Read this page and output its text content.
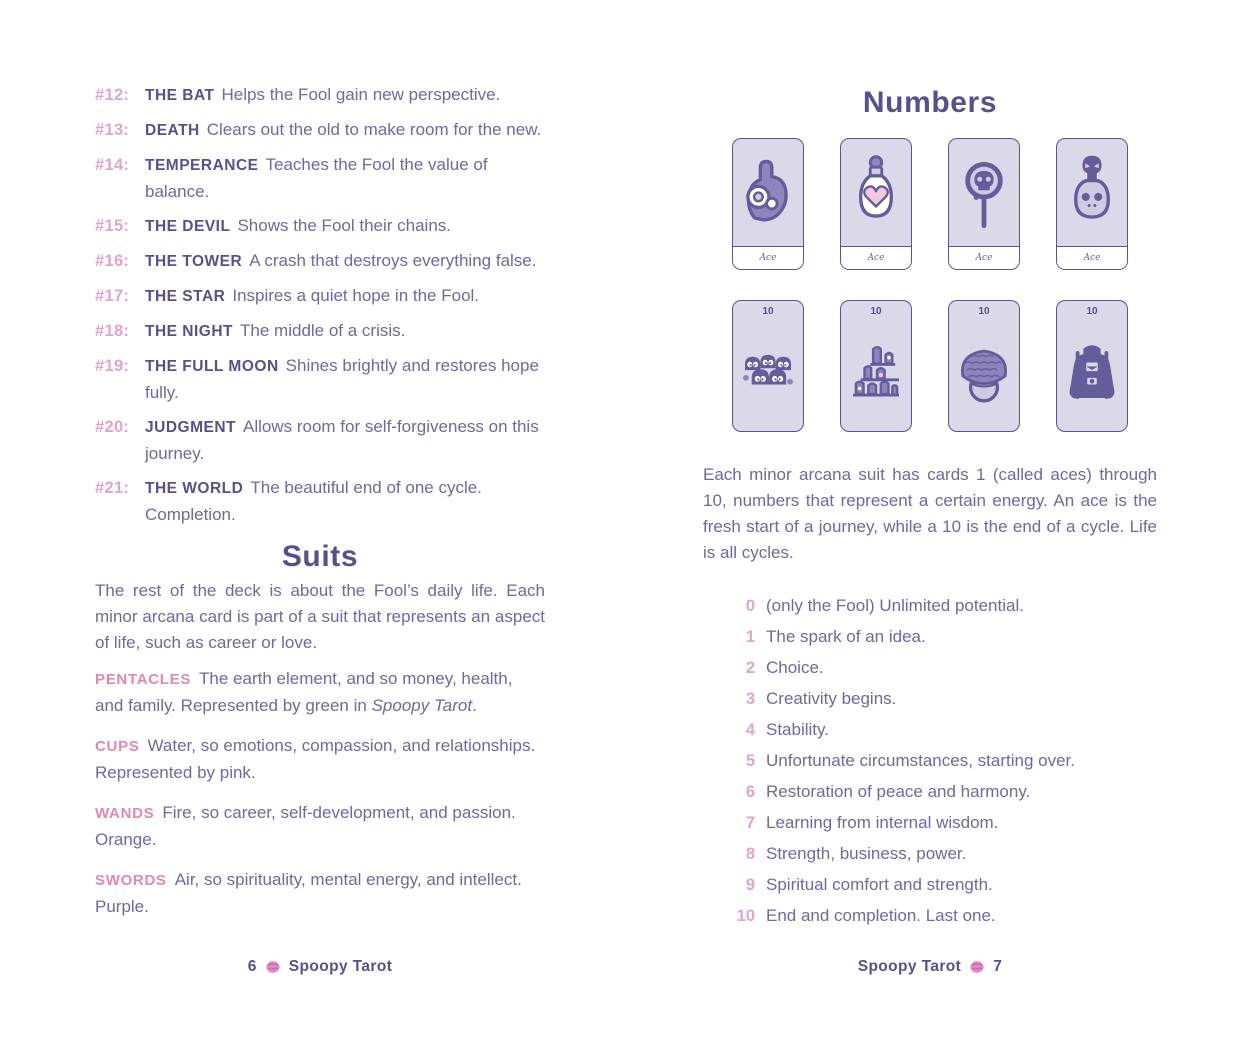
#12:	THE BAT Helps the Fool gain new perspective.
#13:	DEATH Clears out the old to make room for the new.
#14:	TEMPERANCE Teaches the Fool the value of balance.
#15:	THE DEVIL Shows the Fool their chains.
#16:	THE TOWER A crash that destroys everything false.
#17:	THE STAR Inspires a quiet hope in the Fool.
#18:	THE NIGHT The middle of a crisis.
#19:	THE FULL MOON Shines brightly and restores hope fully.
#20:	JUDGMENT Allows room for self-forgiveness on this journey.
#21:	THE WORLD The beautiful end of one cycle. Completion.
Suits

The rest of the deck is about the Fool’s daily life. Each minor arcana card is part of a suit that represents an aspect of life, such as career or love.

PENTACLES The earth element, and so money, health, and family. Represented by green in Spoopy Tarot.

CUPS Water, so emotions, compassion, and relationships. Represented by pink.

WANDS Fire, so career, self-development, and passion. Orange.

SWORDS Air, so spirituality, mental energy, and intellect. Purple.

Numbers
Ace	Ace	Ace	Ace
10	10	10	10

Each minor arcana suit has cards 1 (called aces) through 10, numbers that represent a certain energy. An ace is the fresh start of a journey, while a 10 is the end of a cycle. Life is all cycles.

0 (only the Fool) Unlimited potential.
1 The spark of an idea.
2 Choice.
3 Creativity begins.
4 Stability.
5 Unfortunate circumstances, starting over.
6 Restoration of peace and harmony.
7 Learning from internal wisdom.
8 Strength, business, power.
9 Spiritual comfort and strength.
10 End and completion. Last one.
6 Spoopy Tarot	Spoopy Tarot 7
